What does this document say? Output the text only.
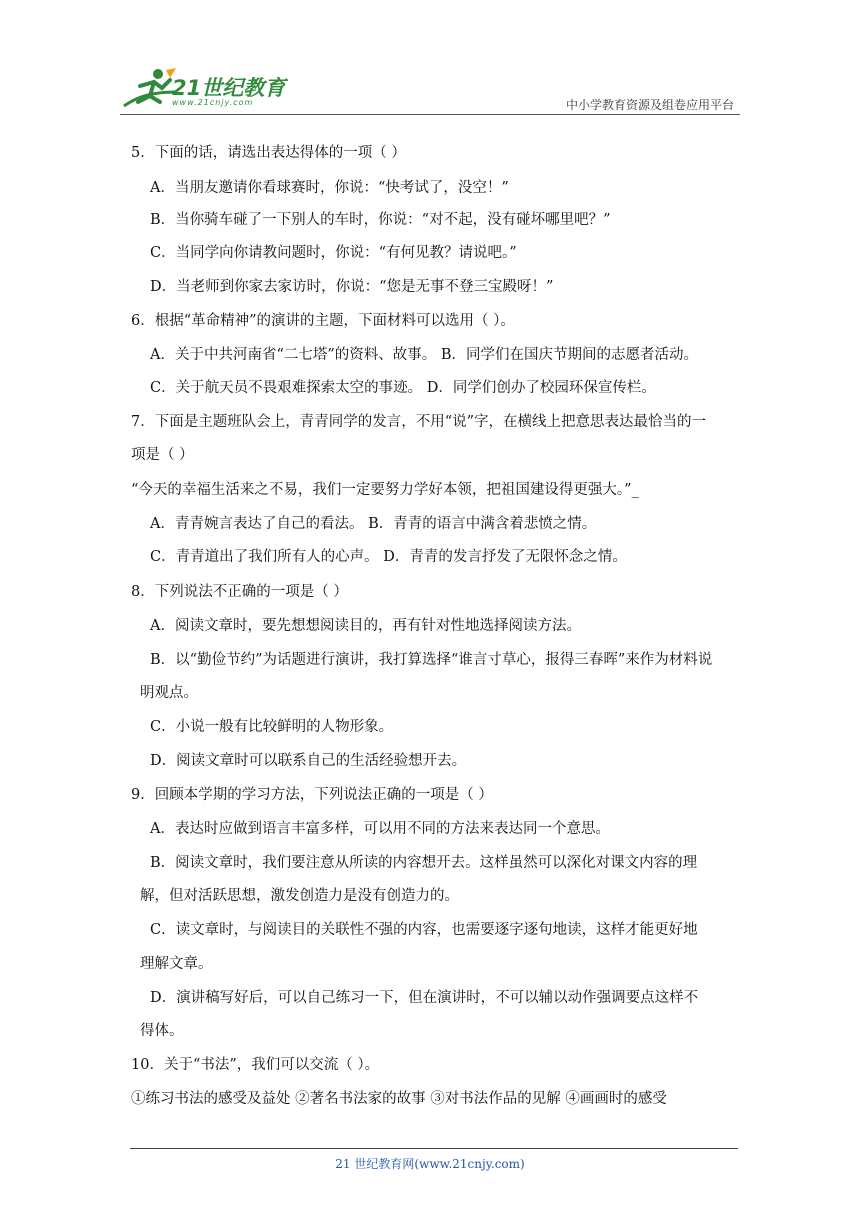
21世纪教育
www.21cnjy.com	中小学教育资源及组卷应用平台
5．下面的话，请选出表达得体的一项（ ）
A．当朋友邀请你看球赛时，你说：“快考试了，没空！”
B．当你骑车碰了一下别人的车时，你说：“对不起，没有碰坏哪里吧？”
C．当同学向你请教问题时，你说：“有何见教？请说吧。”
D．当老师到你家去家访时，你说：“您是无事不登三宝殿呀！”
6．根据“革命精神”的演讲的主题，下面材料可以选用（ ）。
A．关于中共河南省“二七塔”的资料、故事。 B．同学们在国庆节期间的志愿者活动。
C．关于航天员不畏艰难探索太空的事迹。 D．同学们创办了校园环保宣传栏。
7．下面是主题班队会上，青青同学的发言，不用“说”字，在横线上把意思表达最恰当的一
项是（ ）
“今天的幸福生活来之不易，我们一定要努力学好本领，把祖国建设得更强大。”_
A．青青婉言表达了自己的看法。 B．青青的语言中满含着悲愤之情。
C．青青道出了我们所有人的心声。 D．青青的发言抒发了无限怀念之情。
8．下列说法不正确的一项是（ ）
A．阅读文章时，要先想想阅读目的，再有针对性地选择阅读方法。
B．以“勤俭节约”为话题进行演讲，我打算选择“谁言寸草心，报得三春晖”来作为材料说
明观点。
C．小说一般有比较鲜明的人物形象。
D．阅读文章时可以联系自己的生活经验想开去。
9．回顾本学期的学习方法，下列说法正确的一项是（ ）
A．表达时应做到语言丰富多样，可以用不同的方法来表达同一个意思。
B．阅读文章时，我们要注意从所读的内容想开去。这样虽然可以深化对课文内容的理
解，但对活跃思想，激发创造力是没有创造力的。
C．读文章时，与阅读目的关联性不强的内容，也需要逐字逐句地读，这样才能更好地
理解文章。
D．演讲稿写好后，可以自己练习一下，但在演讲时，不可以辅以动作强调要点这样不
得体。
10．关于“书法”，我们可以交流（ ）。
①练习书法的感受及益处 ②著名书法家的故事 ③对书法作品的见解 ④画画时的感受
21 世纪教育网(www.21cnjy.com)
